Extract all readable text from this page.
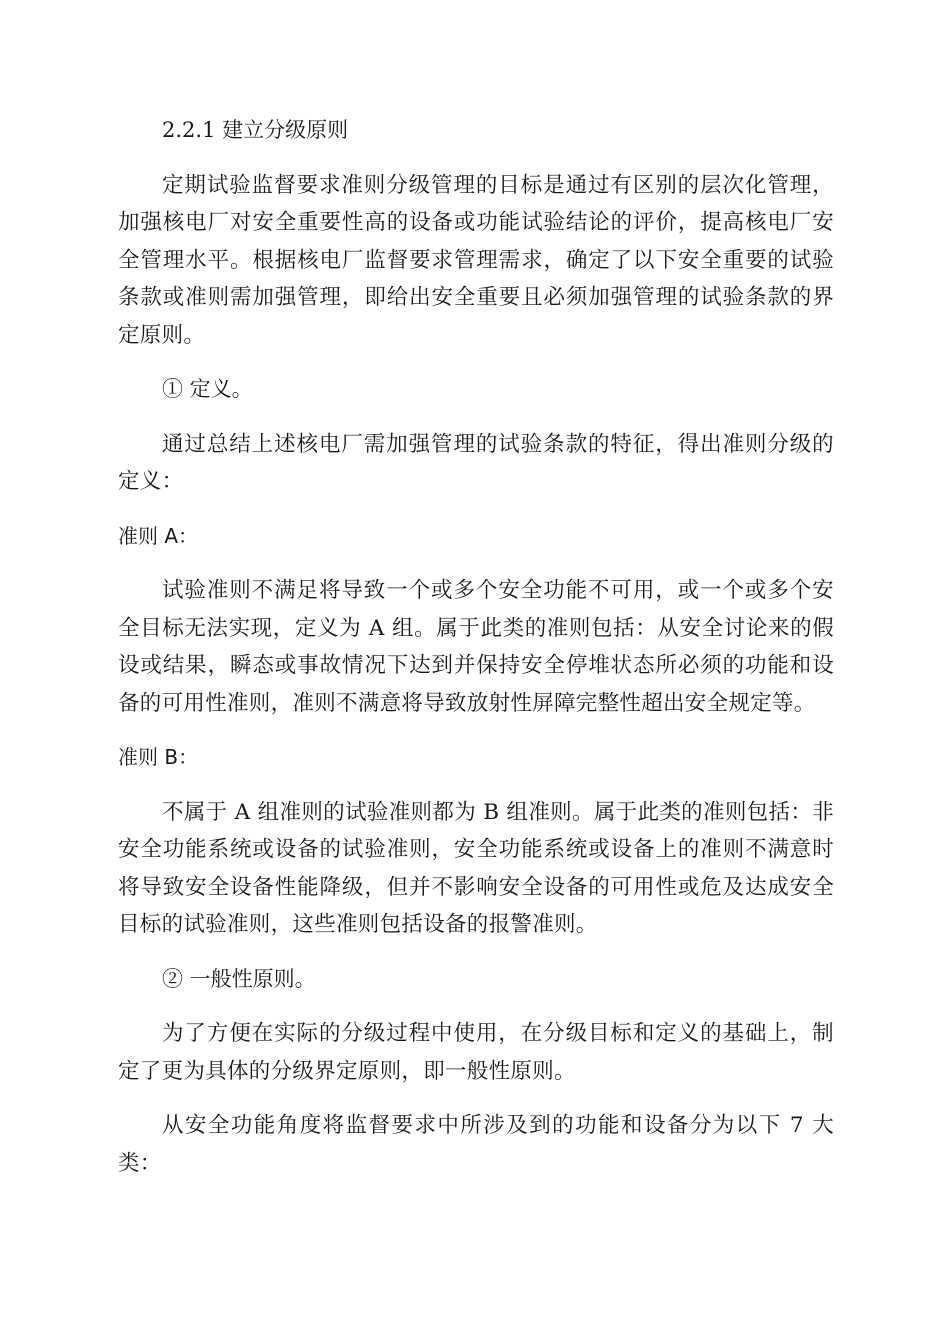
2.2.1 建立分级原则

定期试验监督要求准则分级管理的目标是通过有区别的层次化管理，加强核电厂对安全重要性高的设备或功能试验结论的评价，提高核电厂安全管理水平。根据核电厂监督要求管理需求，确定了以下安全重要的试验条款或准则需加强管理，即给出安全重要且必须加强管理的试验条款的界定原则。

① 定义。

通过总结上述核电厂需加强管理的试验条款的特征，得出准则分级的定义：

准则 A：

试验准则不满足将导致一个或多个安全功能不可用，或一个或多个安全目标无法实现，定义为 A 组。属于此类的准则包括：从安全讨论来的假设或结果，瞬态或事故情况下达到并保持安全停堆状态所必须的功能和设备的可用性准则，准则不满意将导致放射性屏障完整性超出安全规定等。

准则 B：

不属于 A 组准则的试验准则都为 B 组准则。属于此类的准则包括：非安全功能系统或设备的试验准则，安全功能系统或设备上的准则不满意时将导致安全设备性能降级，但并不影响安全设备的可用性或危及达成安全目标的试验准则，这些准则包括设备的报警准则。

② 一般性原则。

为了方便在实际的分级过程中使用，在分级目标和定义的基础上，制定了更为具体的分级界定原则，即一般性原则。

从安全功能角度将监督要求中所涉及到的功能和设备分为以下 7 大类：
